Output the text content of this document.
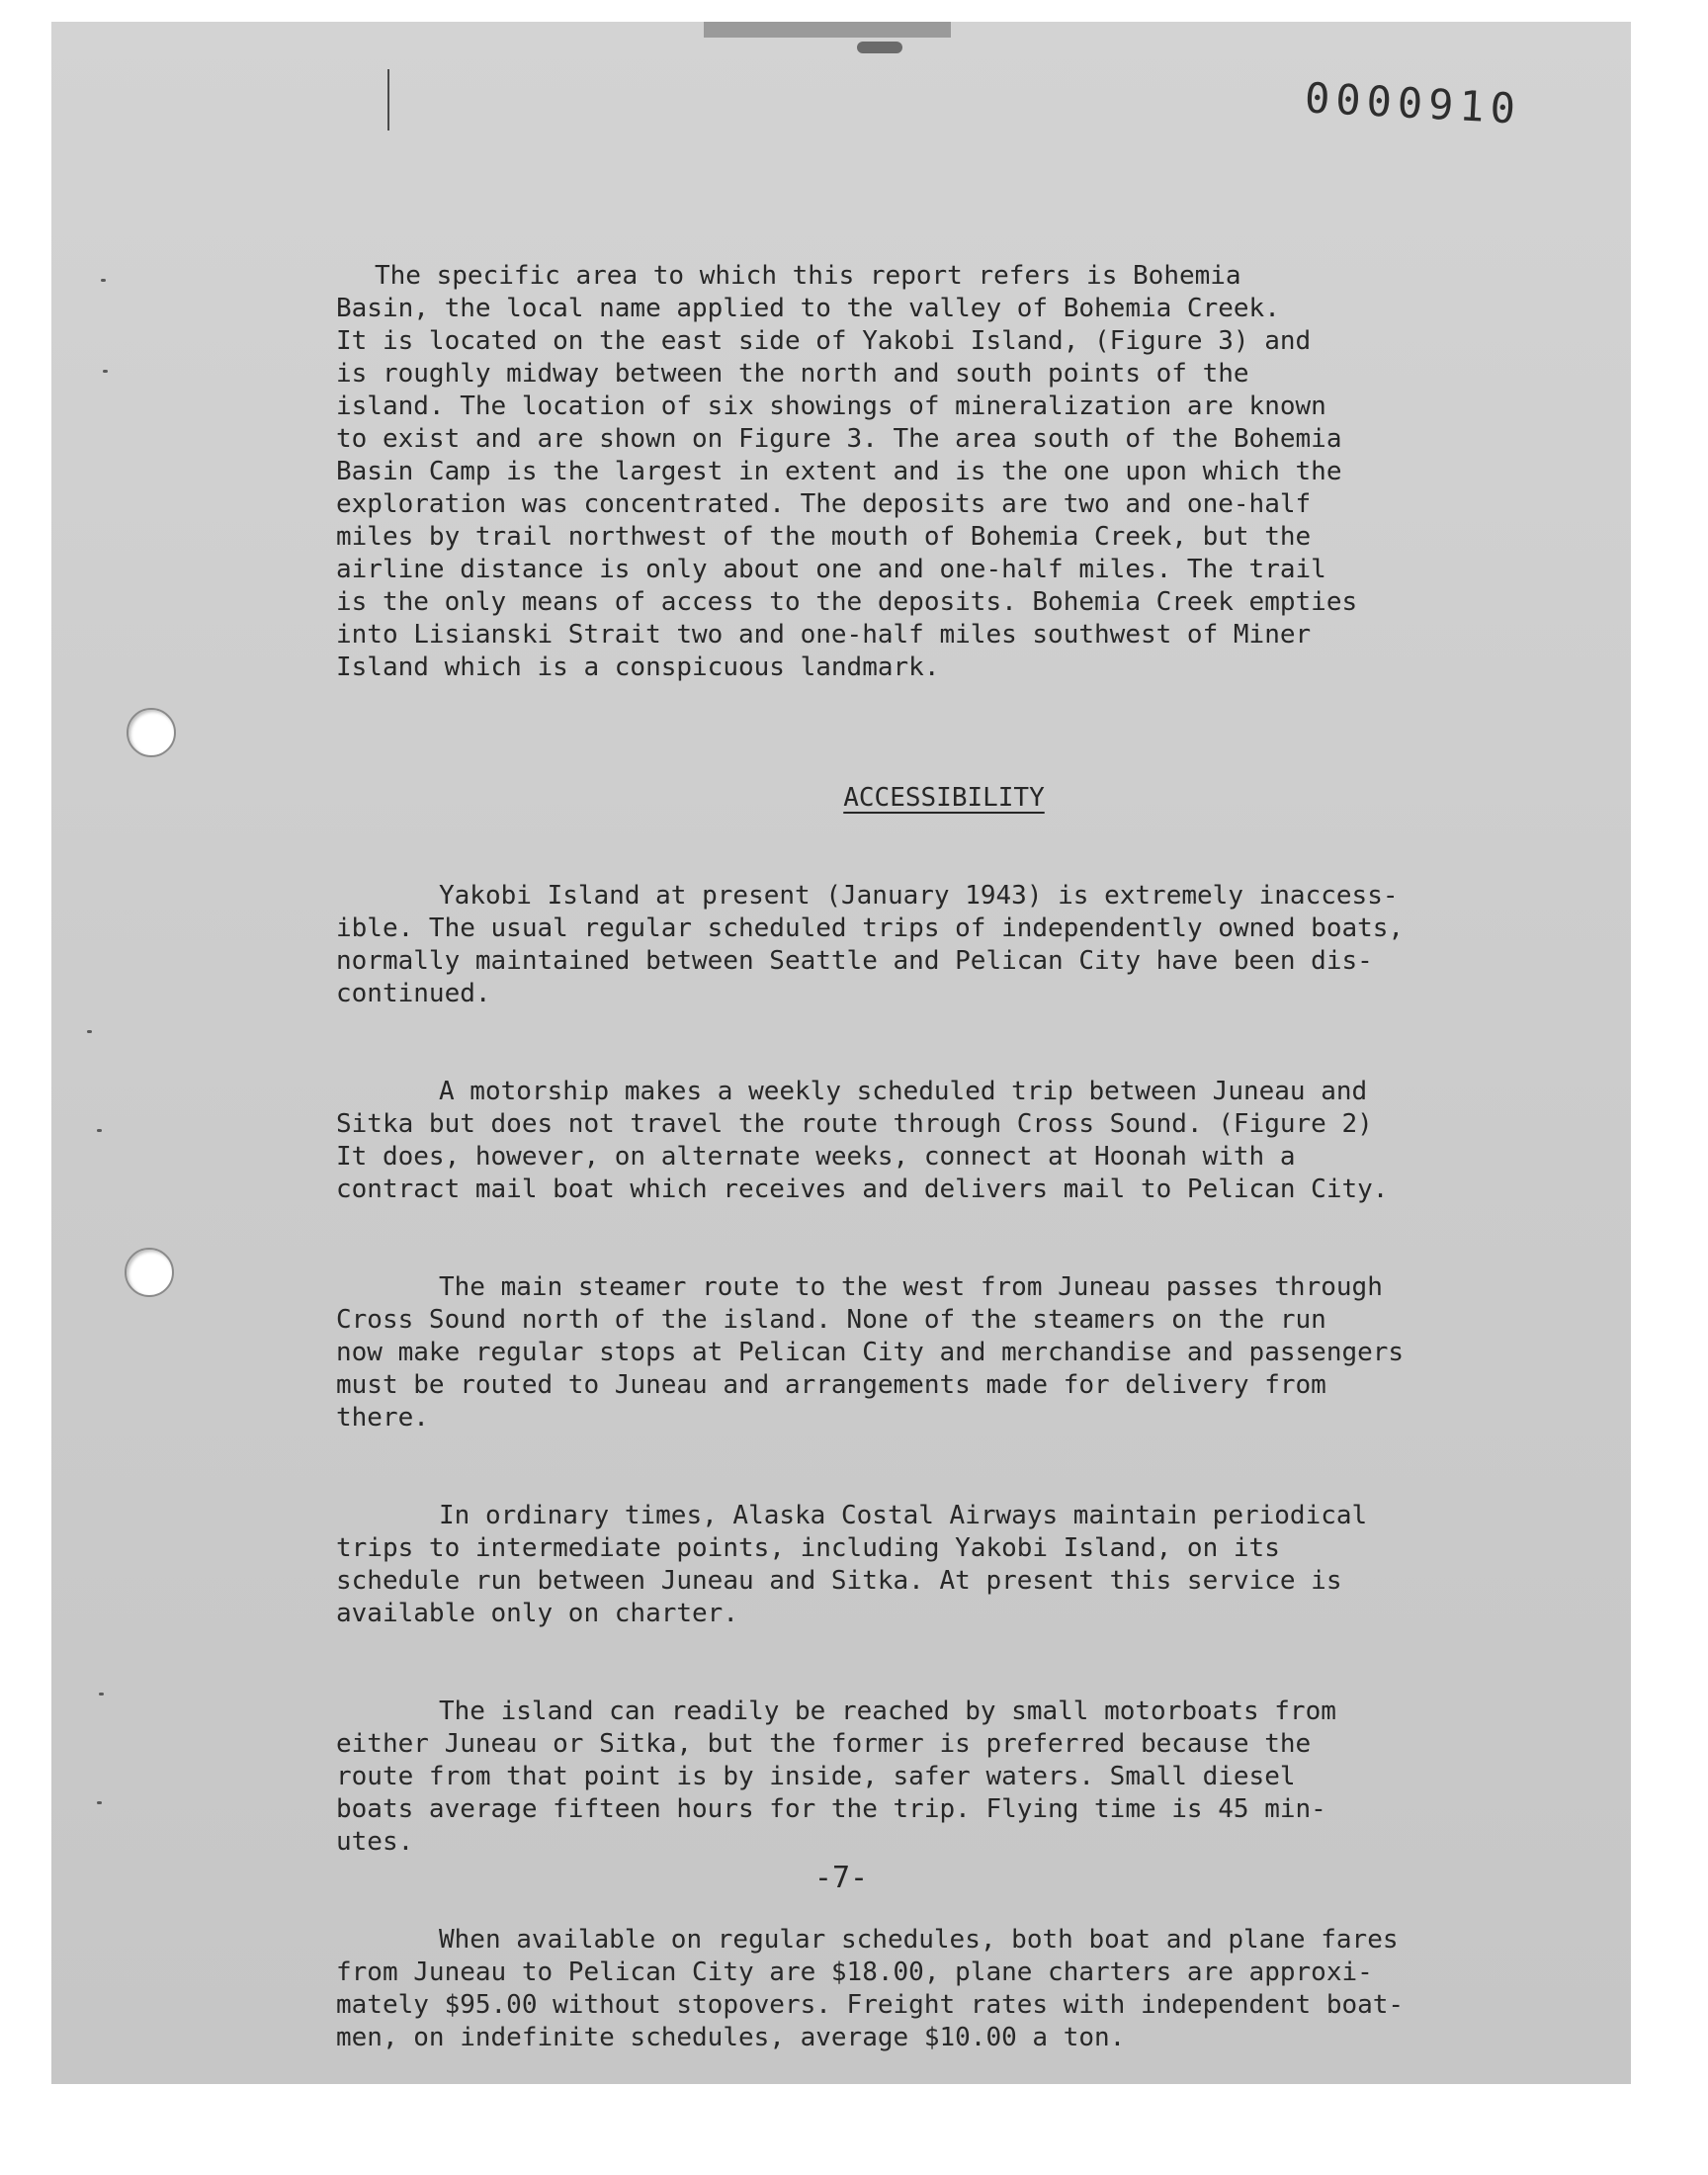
0000910

The specific area to which this report refers is Bohemia
Basin, the local name applied to the valley of Bohemia Creek.
It is located on the east side of Yakobi Island, (Figure 3) and
is roughly midway between the north and south points of the
island. The location of six showings of mineralization are known
to exist and are shown on Figure 3. The area south of the Bohemia
Basin Camp is the largest in extent and is the one upon which the
exploration was concentrated. The deposits are two and one-half
miles by trail northwest of the mouth of Bohemia Creek, but the
airline distance is only about one and one-half miles. The trail
is the only means of access to the deposits. Bohemia Creek empties
into Lisianski Strait two and one-half miles southwest of Miner
Island which is a conspicuous landmark.

ACCESSIBILITY

Yakobi Island at present (January 1943) is extremely inaccess-
ible. The usual regular scheduled trips of independently owned boats,
normally maintained between Seattle and Pelican City have been dis-
continued.

A motorship makes a weekly scheduled trip between Juneau and
Sitka but does not travel the route through Cross Sound. (Figure 2)
It does, however, on alternate weeks, connect at Hoonah with a
contract mail boat which receives and delivers mail to Pelican City.

The main steamer route to the west from Juneau passes through
Cross Sound north of the island. None of the steamers on the run
now make regular stops at Pelican City and merchandise and passengers
must be routed to Juneau and arrangements made for delivery from
there.

In ordinary times, Alaska Costal Airways maintain periodical
trips to intermediate points, including Yakobi Island, on its
schedule run between Juneau and Sitka. At present this service is
available only on charter.

The island can readily be reached by small motorboats from
either Juneau or Sitka, but the former is preferred because the
route from that point is by inside, safer waters. Small diesel
boats average fifteen hours for the trip. Flying time is 45 min-
utes.

When available on regular schedules, both boat and plane fares
from Juneau to Pelican City are $18.00, plane charters are approxi-
mately $95.00 without stopovers. Freight rates with independent boat-
men, on indefinite schedules, average $10.00 a ton.

-7-
